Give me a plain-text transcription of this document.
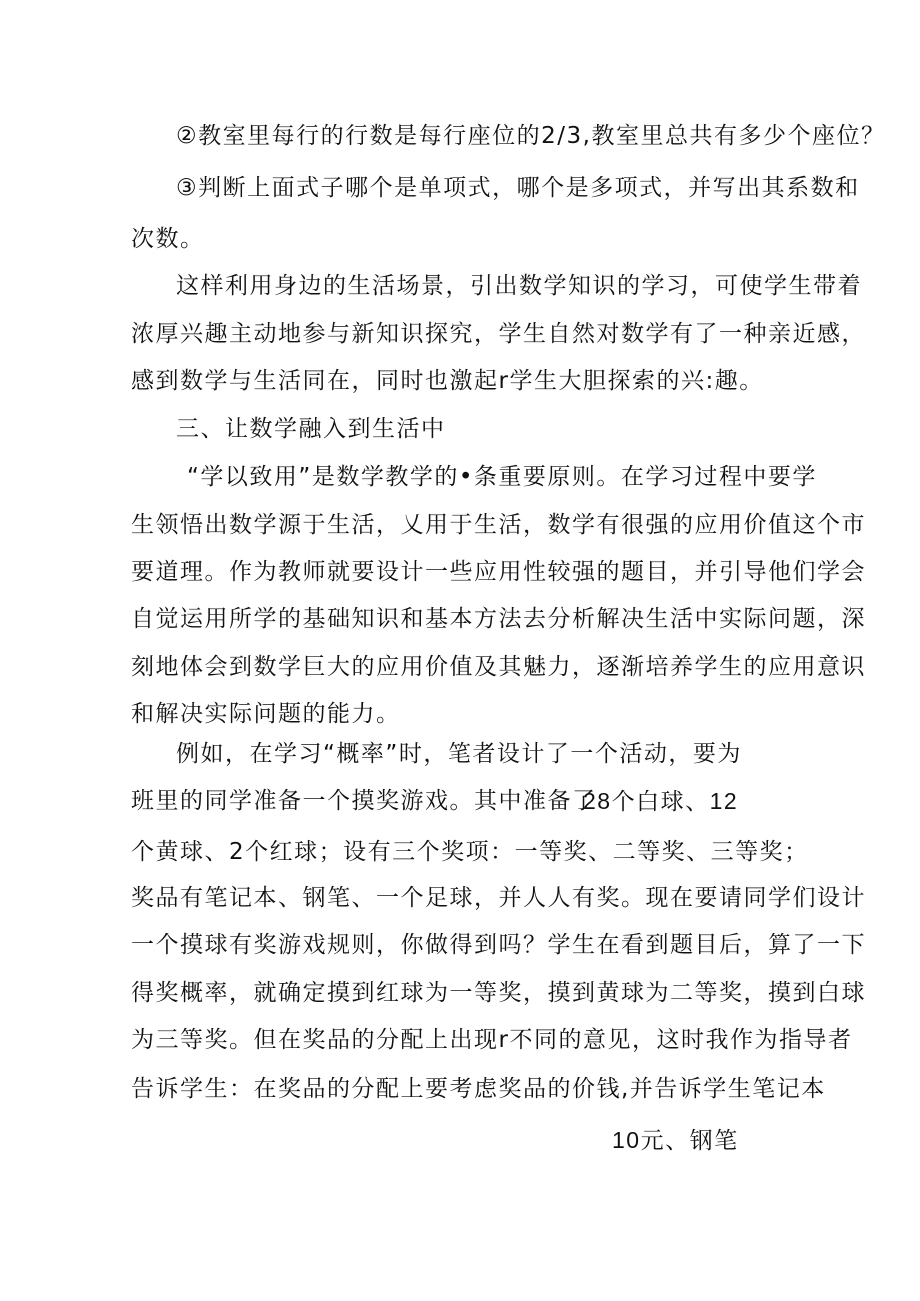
②教室里每行的行数是每行座位的2/3,教室里总共有多少个座位？
③判断上面式子哪个是单项式，哪个是多项式，并写出其系数和
次数。
这样利用身边的生活场景，引出数学知识的学习，可使学生带着
浓厚兴趣主动地参与新知识探究，学生自然对数学有了一种亲近感，
感到数学与生活同在，同时也激起r学生大胆探索的兴:趣。
三、让数学融入到生活中
“学以致用”是数学教学的•条重要原则。在学习过程中要学
生领悟出数学源于生活，乂用于生活，数学有很强的应用价值这个市
要道理。作为教师就要设计一些应用性较强的题目，并引导他们学会
自觉运用所学的基础知识和基本方法去分析解决生活中实际问题，深
刻地体会到数学巨大的应用价值及其魅力，逐渐培养学生的应用意识
和解决实际问题的能力。
例如，在学习“概率”时，笔者设计了一个活动，要为
班里的同学准备一个摸奖游戏。其中准备了
28个白球、12
个黄球、2个红球；设有三个奖项：一等奖、二等奖、三等奖；
奖品有笔记本、钢笔、一个足球，并人人有奖。现在要请同学们设计
一个摸球有奖游戏规则，你做得到吗？学生在看到题目后，算了一下
得奖概率，就确定摸到红球为一等奖，摸到黄球为二等奖，摸到白球
为三等奖。但在奖品的分配上出现r不同的意见，这时我作为指导者
告诉学生：在奖品的分配上要考虑奖品的价钱,并告诉学生笔记本
10元、钢笔
